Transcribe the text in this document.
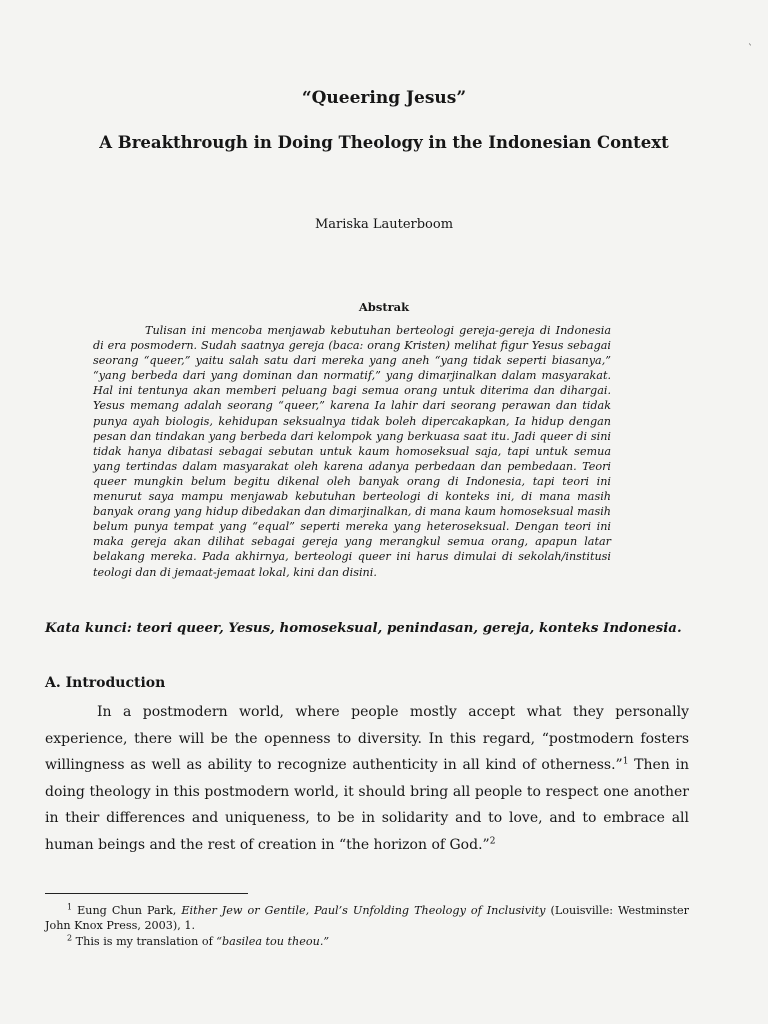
`
“Queering Jesus”
A Breakthrough in Doing Theology in the Indonesian Context
Mariska Lauterboom
Abstrak

Tulisan ini mencoba menjawab kebutuhan berteologi gereja-gereja di Indonesia di era posmodern. Sudah saatnya gereja (baca: orang Kristen) melihat figur Yesus sebagai seorang “queer,” yaitu salah satu dari mereka yang aneh “yang tidak seperti biasanya,” “yang berbeda dari yang dominan dan normatif,” yang dimarjinalkan dalam masyarakat. Hal ini tentunya akan memberi peluang bagi semua orang untuk diterima dan dihargai. Yesus memang adalah seorang “queer,” karena Ia lahir dari seorang perawan dan tidak punya ayah biologis, kehidupan seksualnya tidak boleh dipercakapkan, Ia hidup dengan pesan dan tindakan yang berbeda dari kelompok yang berkuasa saat itu. Jadi queer di sini tidak hanya dibatasi sebagai sebutan untuk kaum homoseksual saja, tapi untuk semua yang tertindas dalam masyarakat oleh karena adanya perbedaan dan pembedaan. Teori queer mungkin belum begitu dikenal oleh banyak orang di Indonesia, tapi teori ini menurut saya mampu menjawab kebutuhan berteologi di konteks ini, di mana masih banyak orang yang hidup dibedakan dan dimarjinalkan, di mana kaum homoseksual masih belum punya tempat yang “equal” seperti mereka yang heteroseksual. Dengan teori ini maka gereja akan dilihat sebagai gereja yang merangkul semua orang, apapun latar belakang mereka. Pada akhirnya, berteologi queer ini harus dimulai di sekolah/institusi teologi dan di jemaat-jemaat lokal, kini dan disini.

Kata kunci: teori queer, Yesus, homoseksual, penindasan, gereja, konteks Indonesia.

A. Introduction

In a postmodern world, where people mostly accept what they personally experience, there will be the openness to diversity. In this regard, “postmodern fosters willingness as well as ability to recognize authenticity in all kind of otherness.”$^1$ Then in doing theology in this postmodern world, it should bring all people to respect one another in their differences and uniqueness, to be in solidarity and to love, and to embrace all human beings and the rest of creation in “the horizon of God.”$^2$

$^1$ Eung Chun Park, Either Jew or Gentile, Paul’s Unfolding Theology of Inclusivity (Louisville: Westminster John Knox Press, 2003), 1.

$^2$ This is my translation of “basilea tou theou.”
